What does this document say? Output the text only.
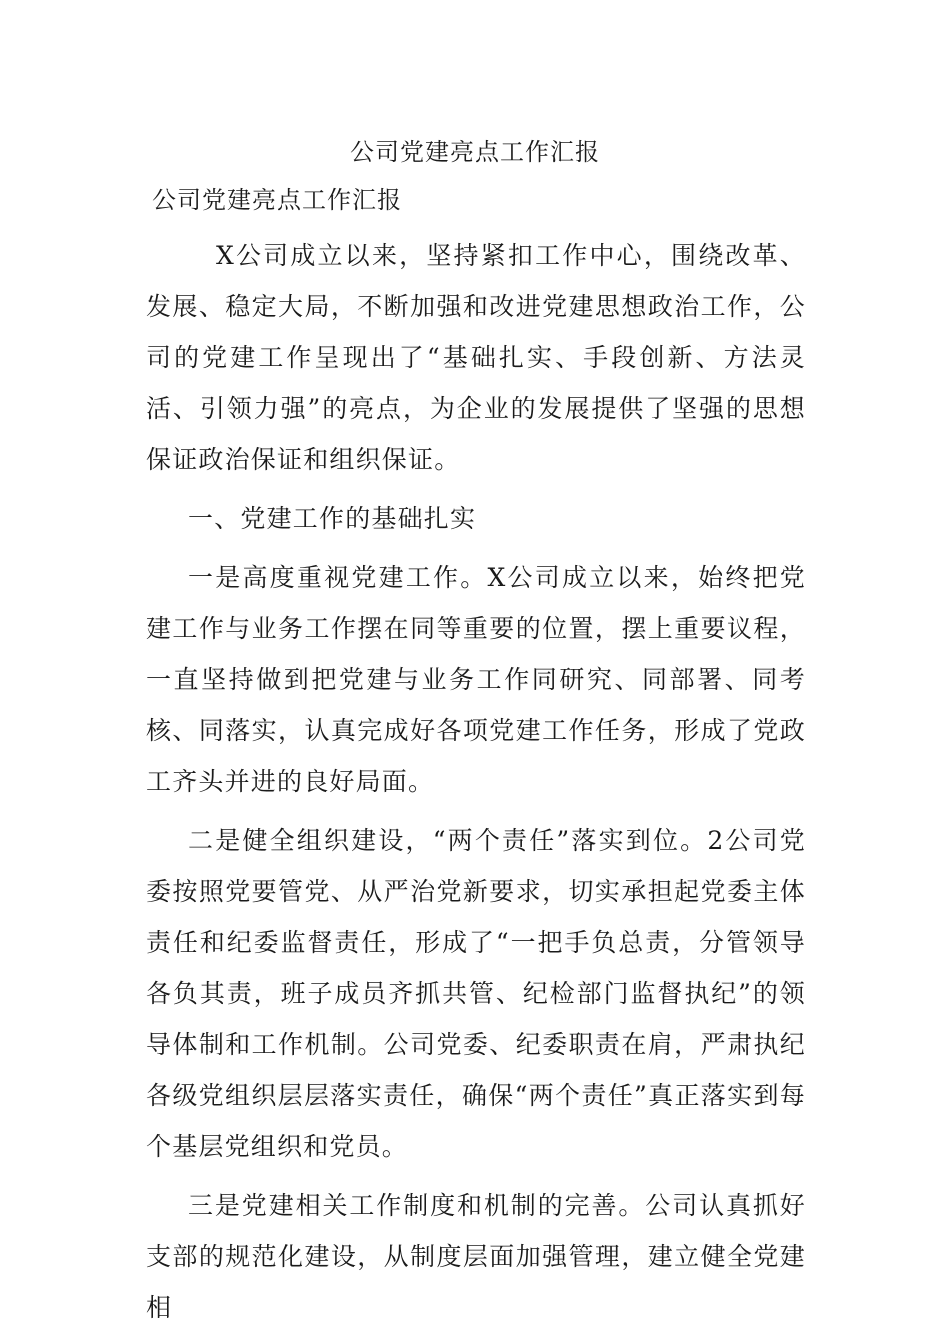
公司党建亮点工作汇报
公司党建亮点工作汇报

X公司成立以来，坚持紧扣工作中心，围绕改革、发展、稳定大局，不断加强和改进党建思想政治工作，公司的党建工作呈现出了“基础扎实、手段创新、方法灵活、引领力强”的亮点，为企业的发展提供了坚强的思想保证政治保证和组织保证。

一、党建工作的基础扎实

一是高度重视党建工作。X公司成立以来，始终把党建工作与业务工作摆在同等重要的位置，摆上重要议程，一直坚持做到把党建与业务工作同研究、同部署、同考核、同落实，认真完成好各项党建工作任务，形成了党政工齐头并进的良好局面。

二是健全组织建设，“两个责任”落实到位。2公司党委按照党要管党、从严治党新要求，切实承担起党委主体责任和纪委监督责任，形成了“一把手负总责，分管领导各负其责，班子成员齐抓共管、纪检部门监督执纪”的领导体制和工作机制。公司党委、纪委职责在肩，严肃执纪各级党组织层层落实责任，确保“两个责任”真正落实到每个基层党组织和党员。

三是党建相关工作制度和机制的完善。公司认真抓好支部的规范化建设，从制度层面加强管理，建立健全党建相
